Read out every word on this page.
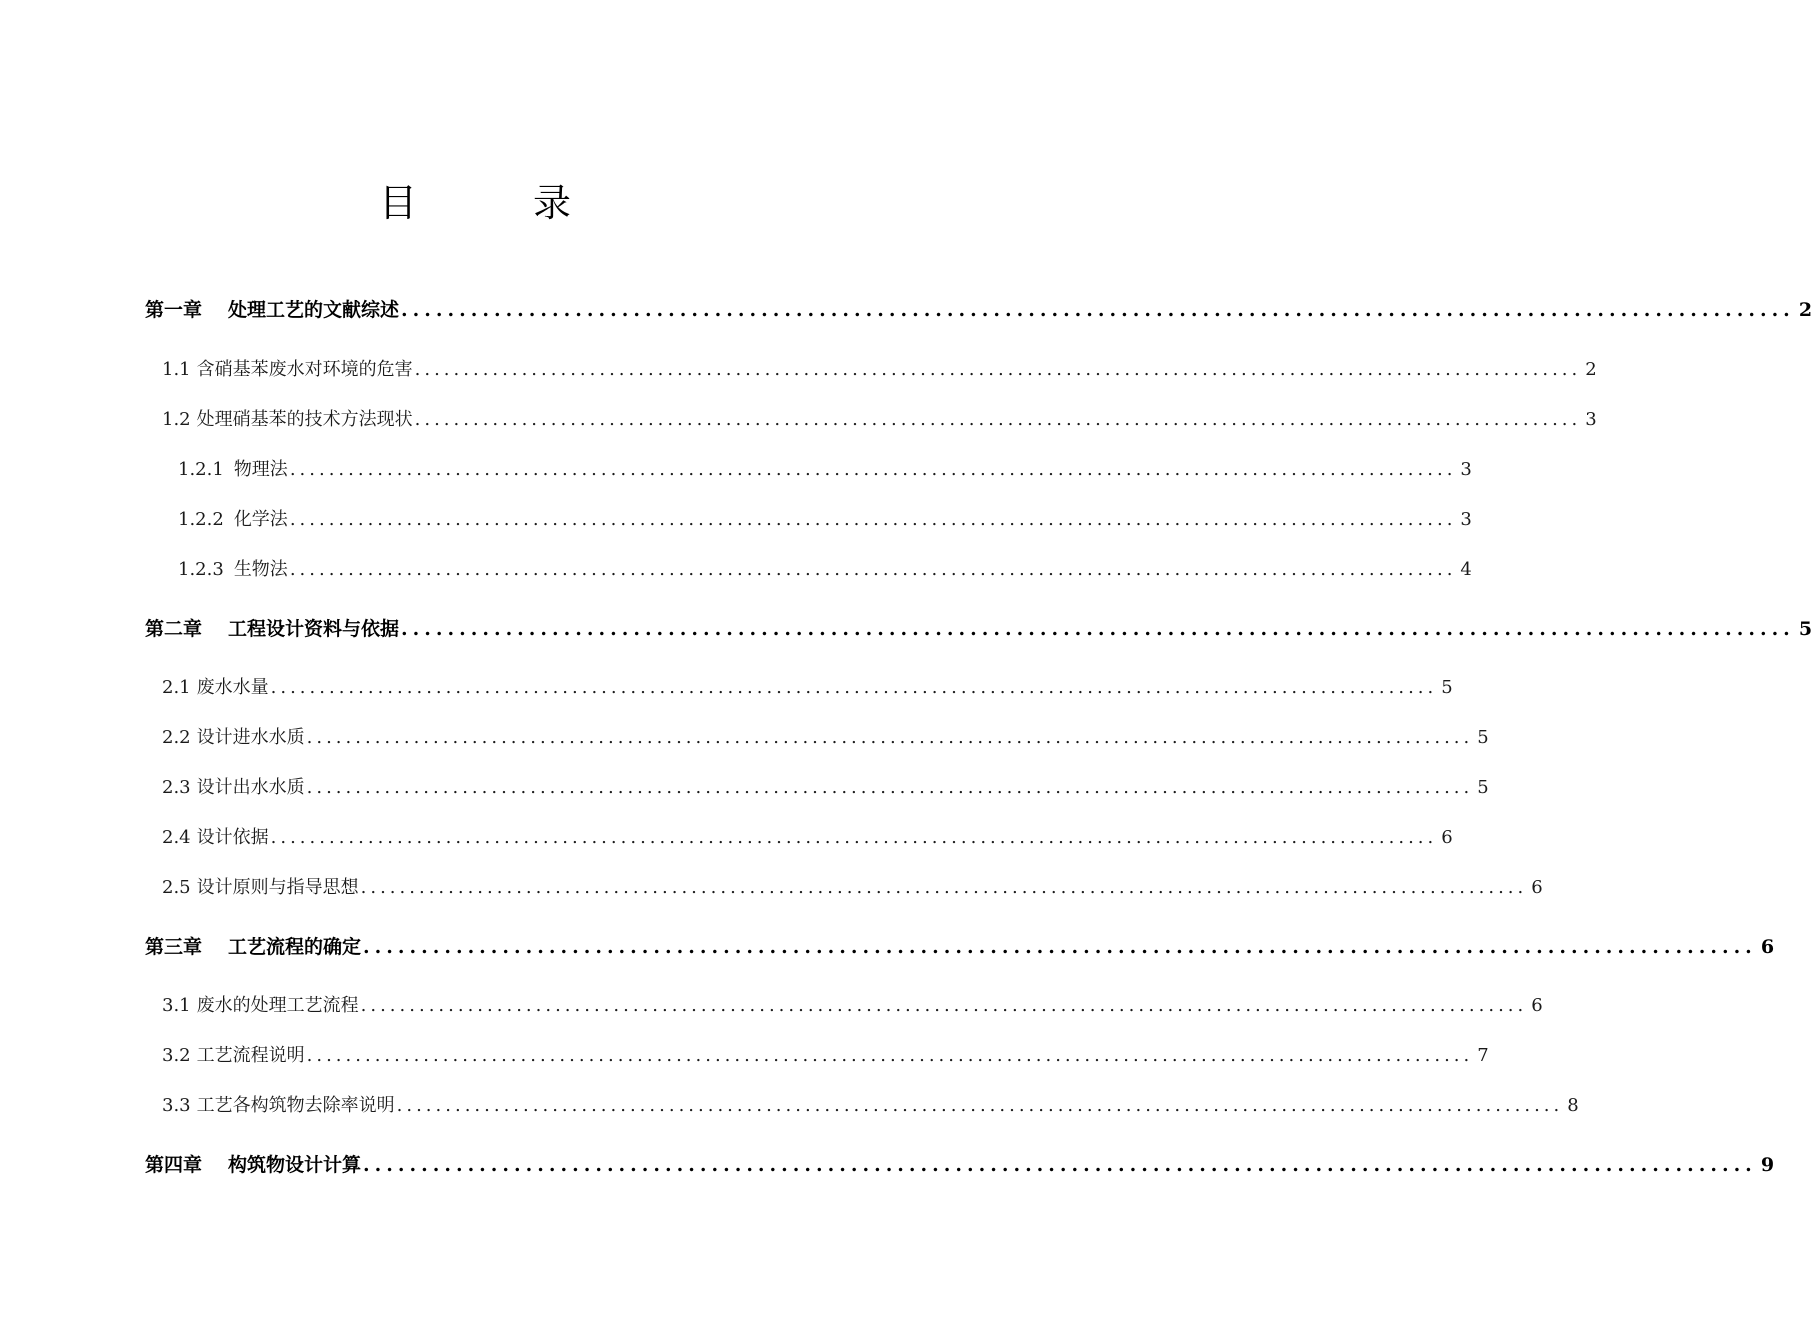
目 录
第一章 处理工艺的文献综述 ........................................................................................................................ 2
1.1 含硝基苯废水对环境的危害 ........................................................................................................................ 2
1.2 处理硝基苯的技术方法现状 ........................................................................................................................ 3
1.2.1 物理法 ........................................................................................................................ 3
1.2.2 化学法 ........................................................................................................................ 3
1.2.3 生物法 ........................................................................................................................ 4
第二章 工程设计资料与依据 ........................................................................................................................ 5
2.1 废水水量 ........................................................................................................................ 5
2.2 设计进水水质 ........................................................................................................................ 5
2.3 设计出水水质 ........................................................................................................................ 5
2.4 设计依据 ........................................................................................................................ 6
2.5 设计原则与指导思想 ........................................................................................................................ 6
第三章 工艺流程的确定 ........................................................................................................................ 6
3.1 废水的处理工艺流程 ........................................................................................................................ 6
3.2 工艺流程说明 ........................................................................................................................ 7
3.3 工艺各构筑物去除率说明 ........................................................................................................................ 8
第四章 构筑物设计计算 ........................................................................................................................ 9
